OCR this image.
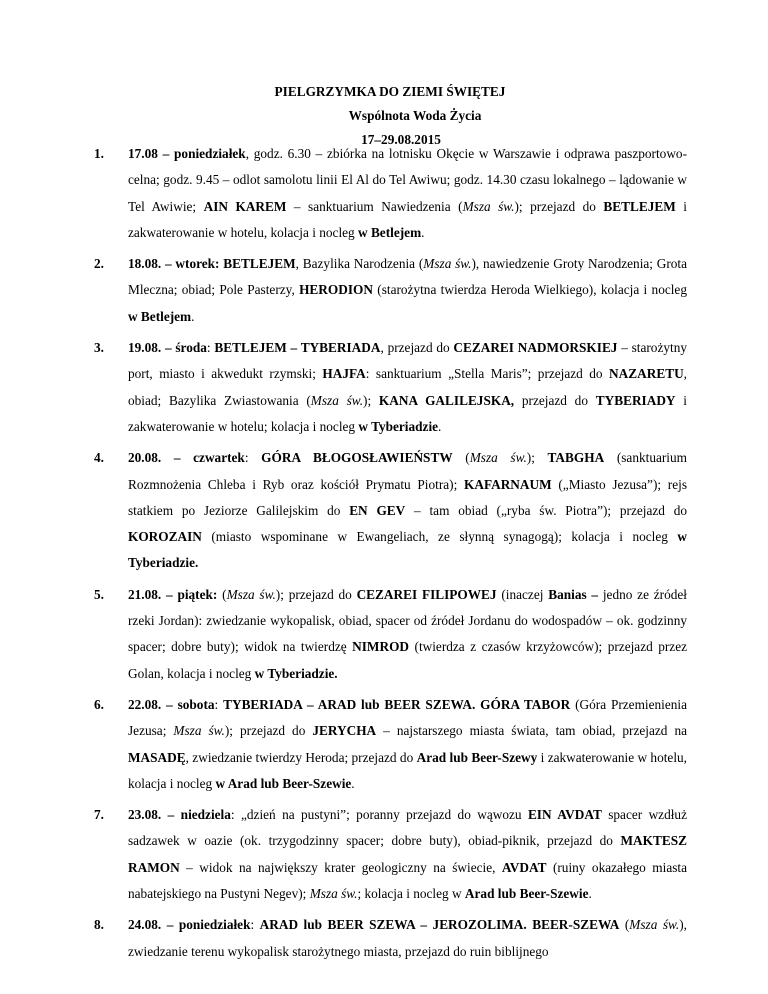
PIELGRZYMKA DO ZIEMI ŚWIĘTEJ
Wspólnota Woda Życia
17–29.08.2015
1. 17.08 – poniedziałek, godz. 6.30 – zbiórka na lotnisku Okęcie w Warszawie i odprawa paszportowo-celna; godz. 9.45 – odlot samolotu linii El Al do Tel Awiwu; godz. 14.30 czasu lokalnego – lądowanie w Tel Awiwie; AIN KAREM – sanktuarium Nawiedzenia (Msza św.); przejazd do BETLEJEM i zakwaterowanie w hotelu, kolacja i nocleg w Betlejem.
2. 18.08. – wtorek: BETLEJEM, Bazylika Narodzenia (Msza św.), nawiedzenie Groty Narodzenia; Grota Mleczna; obiad; Pole Pasterzy, HERODION (starożytna twierdza Heroda Wielkiego), kolacja i nocleg w Betlejem.
3. 19.08. – środa: BETLEJEM – TYBERIADA, przejazd do CEZAREI NADMORSKIEJ – starożytny port, miasto i akwedukt rzymski; HAJFA: sanktuarium „Stella Maris”; przejazd do NAZARETU, obiad; Bazylika Zwiastowania (Msza św.); KANA GALILEJSKA, przejazd do TYBERIADY i zakwaterowanie w hotelu; kolacja i nocleg w Tyberiadzie.
4. 20.08. – czwartek: GÓRA BŁOGOSŁAWIEŃSTW (Msza św.); TABGHA (sanktuarium Rozmnożenia Chleba i Ryb oraz kościół Prymatu Piotra); KAFARNAUM („Miasto Jezusa”); rejs statkiem po Jeziorze Galilejskim do EN GEV – tam obiad („ryba św. Piotra”); przejazd do KOROZAIN (miasto wspominane w Ewangeliach, ze słynną synagogą); kolacja i nocleg w Tyberiadzie.
5. 21.08. – piątek: (Msza św.); przejazd do CEZAREI FILIPOWEJ (inaczej Banias – jedno ze źródeł rzeki Jordan): zwiedzanie wykopalisk, obiad, spacer od źródeł Jordanu do wodospadów – ok. godzinny spacer; dobre buty); widok na twierdzę NIMROD (twierdza z czasów krzyżowców); przejazd przez Golan, kolacja i nocleg w Tyberiadzie.
6. 22.08. – sobota: TYBERIADA – ARAD lub BEER SZEWA. GÓRA TABOR (Góra Przemienienia Jezusa; Msza św.); przejazd do JERYCHA – najstarszego miasta świata, tam obiad, przejazd na MASADĘ, zwiedzanie twierdzy Heroda; przejazd do Arad lub Beer-Szewy i zakwaterowanie w hotelu, kolacja i nocleg w Arad lub Beer-Szewie.
7. 23.08. – niedziela: „dzień na pustyni”; poranny przejazd do wąwozu EIN AVDAT spacer wzdłuż sadzawek w oazie (ok. trzygodzinny spacer; dobre buty), obiad-piknik, przejazd do MAKTESZ RAMON – widok na największy krater geologiczny na świecie, AVDAT (ruiny okazałego miasta nabatejskiego na Pustyni Negev); Msza św.; kolacja i nocleg w Arad lub Beer-Szewie.
8. 24.08. – poniedziałek: ARAD lub BEER SZEWA – JEROZOLIMA. BEER-SZEWA (Msza św.), zwiedzanie terenu wykopalisk starożytnego miasta, przejazd do ruin biblijnego
